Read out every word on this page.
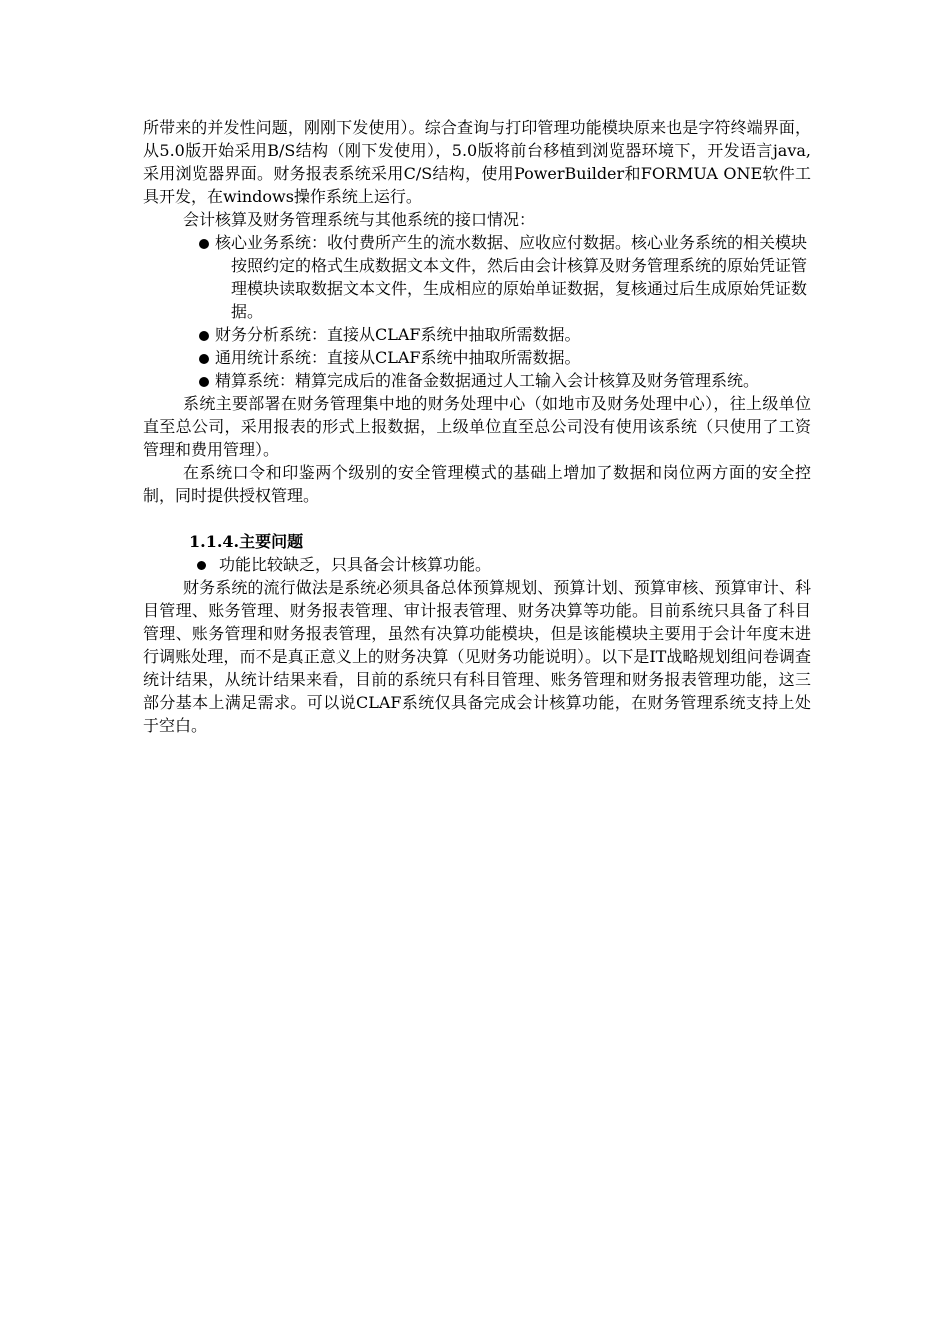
所带来的并发性问题，刚刚下发使用）。综合查询与打印管理功能模块原来也是字符终端界面，从5.0版开始采用B/S结构（刚下发使用），5.0版将前台移植到浏览器环境下，开发语言java,采用浏览器界面。财务报表系统采用C/S结构，使用PowerBuilder和FORMUA ONE软件工具开发，在windows操作系统上运行。

会计核算及财务管理系统与其他系统的接口情况：

核心业务系统：收付费所产生的流水数据、应收应付数据。核心业务系统的相关模块按照约定的格式生成数据文本文件，然后由会计核算及财务管理系统的原始凭证管理模块读取数据文本文件，生成相应的原始单证数据，复核通过后生成原始凭证数据。
财务分析系统：直接从CLAF系统中抽取所需数据。
通用统计系统：直接从CLAF系统中抽取所需数据。
精算系统：精算完成后的准备金数据通过人工输入会计核算及财务管理系统。

系统主要部署在财务管理集中地的财务处理中心（如地市及财务处理中心），往上级单位直至总公司，采用报表的形式上报数据，上级单位直至总公司没有使用该系统（只使用了工资管理和费用管理）。

在系统口令和印鉴两个级别的安全管理模式的基础上增加了数据和岗位两方面的安全控制，同时提供授权管理。

1.1.4.主要问题

功能比较缺乏，只具备会计核算功能。

财务系统的流行做法是系统必须具备总体预算规划、预算计划、预算审核、预算审计、科目管理、账务管理、财务报表管理、审计报表管理、财务决算等功能。目前系统只具备了科目管理、账务管理和财务报表管理，虽然有决算功能模块，但是该能模块主要用于会计年度末进行调账处理，而不是真正意义上的财务决算（见财务功能说明）。以下是IT战略规划组问卷调查统计结果，从统计结果来看，目前的系统只有科目管理、账务管理和财务报表管理功能，这三部分基本上满足需求。可以说CLAF系统仅具备完成会计核算功能，在财务管理系统支持上处于空白。
